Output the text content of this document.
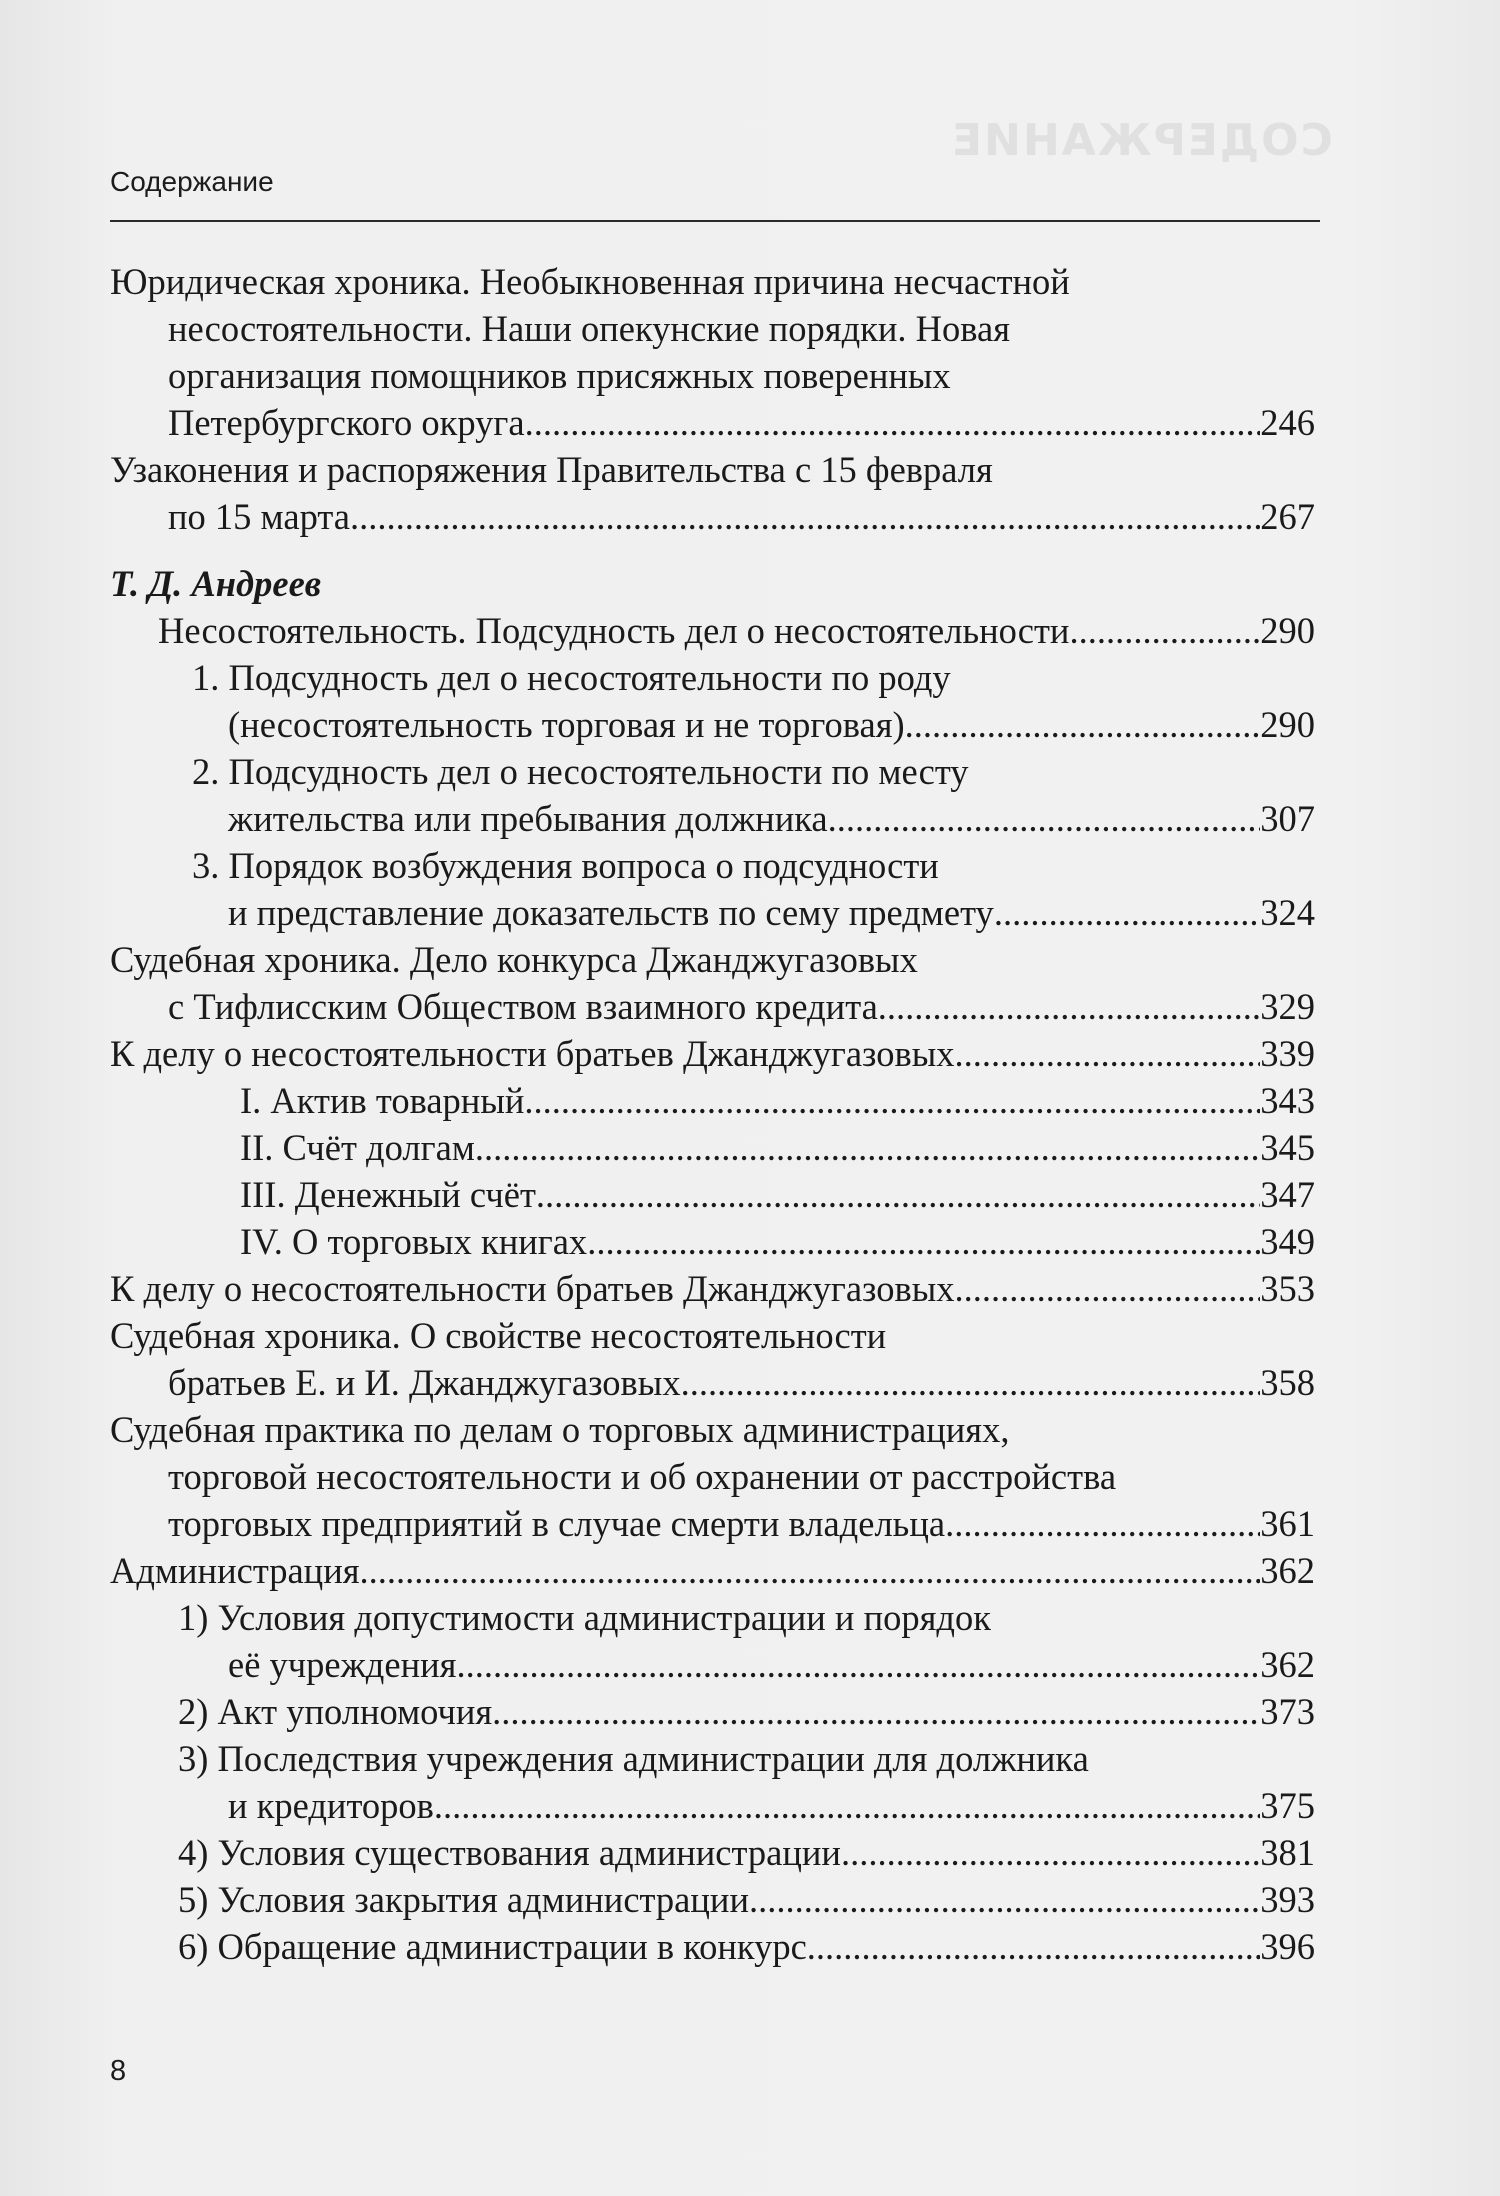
СОДЕРЖАНИЕ
Содержание
Юридическая хроника. Необыкновенная причина несчастной
несостоятельности. Наши опекунские порядки. Новая
организация помощников присяжных поверенных
Петербургского округа .....	246
Узаконения и распоряжения Правительства с 15 февраля
по 15 марта .....	267
Т. Д. Андреев
Несостоятельность. Подсудность дел о несостоятельности .....	290
1. Подсудность дел о несостоятельности по роду
(несостоятельность торговая и не торговая) .....	290
2. Подсудность дел о несостоятельности по месту
жительства или пребывания должника .....	307
3. Порядок возбуждения вопроса о подсудности
и представление доказательств по сему предмету .....	324
Судебная хроника. Дело конкурса Джанджугазовых
с Тифлисским Обществом взаимного кредита .....	329
К делу о несостоятельности братьев Джанджугазовых .....	339
I. Актив товарный .....	343
II. Счёт долгам .....	345
III. Денежный счёт .....	347
IV. О торговых книгах .....	349
К делу о несостоятельности братьев Джанджугазовых .....	353
Судебная хроника. О свойстве несостоятельности
братьев Е. и И. Джанджугазовых .....	358
Судебная практика по делам о торговых администрациях,
торговой несостоятельности и об охранении от расстройства
торговых предприятий в случае смерти владельца .....	361
Администрация .....	362
1) Условия допустимости администрации и порядок
её учреждения .....	362
2) Акт уполномочия .....	373
3) Последствия учреждения администрации для должника
и кредиторов .....	375
4) Условия существования администрации .....	381
5) Условия закрытия администрации .....	393
6) Обращение администрации в конкурс .....	396
8
